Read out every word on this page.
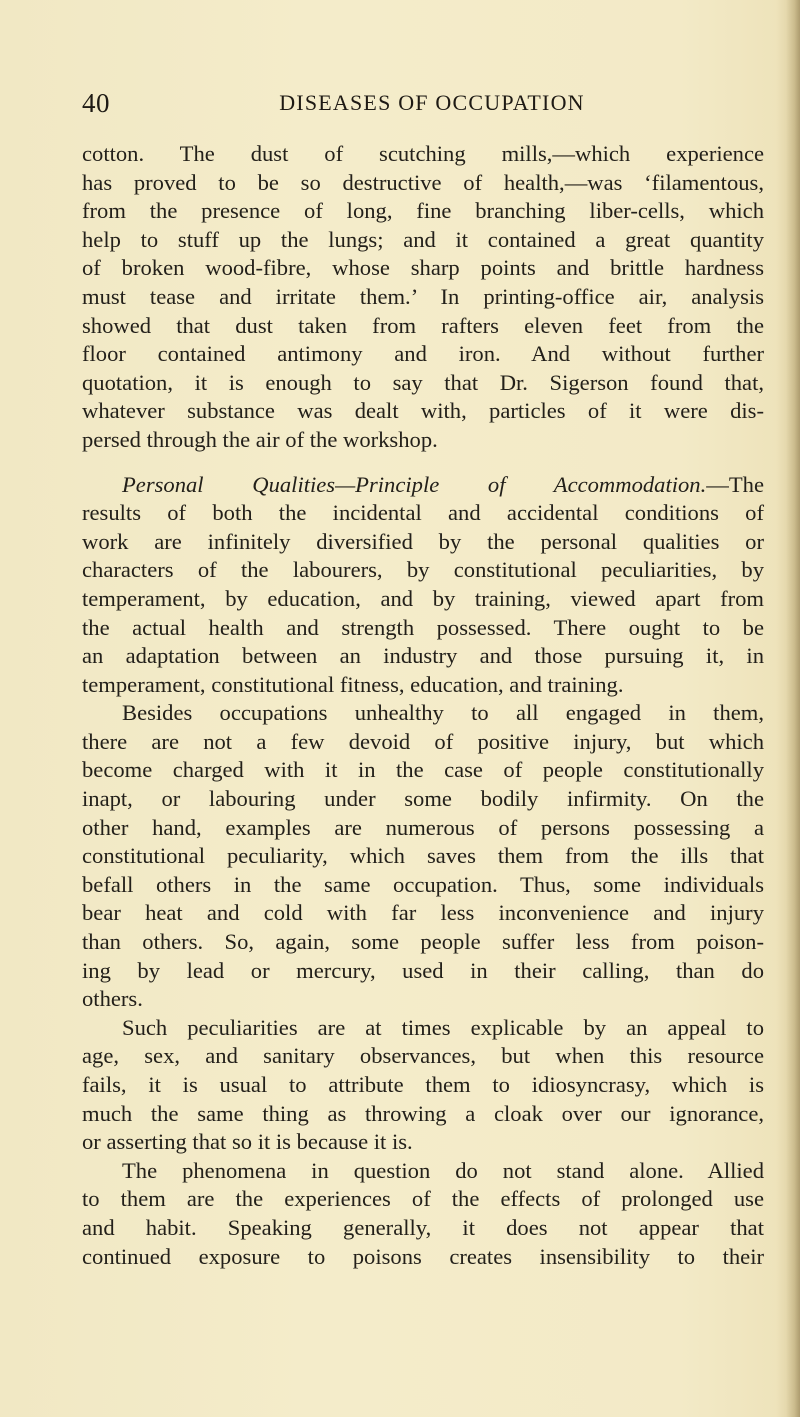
40	DISEASES OF OCCUPATION
cotton. The dust of scutching mills,—which experience
has proved to be so destructive of health,—was ‘filamentous,
from the presence of long, fine branching liber-cells, which
help to stuff up the lungs; and it contained a great quantity
of broken wood-fibre, whose sharp points and brittle hardness
must tease and irritate them.’ In printing-office air, analysis
showed that dust taken from rafters eleven feet from the
floor contained antimony and iron. And without further
quotation, it is enough to say that Dr. Sigerson found that,
whatever substance was dealt with, particles of it were dis-
persed through the air of the workshop.
Personal Qualities—Principle of Accommodation.—The
results of both the incidental and accidental conditions of
work are infinitely diversified by the personal qualities or
characters of the labourers, by constitutional peculiarities, by
temperament, by education, and by training, viewed apart from
the actual health and strength possessed. There ought to be
an adaptation between an industry and those pursuing it, in
temperament, constitutional fitness, education, and training.
Besides occupations unhealthy to all engaged in them,
there are not a few devoid of positive injury, but which
become charged with it in the case of people constitutionally
inapt, or labouring under some bodily infirmity. On the
other hand, examples are numerous of persons possessing a
constitutional peculiarity, which saves them from the ills that
befall others in the same occupation. Thus, some individuals
bear heat and cold with far less inconvenience and injury
than others. So, again, some people suffer less from poison-
ing by lead or mercury, used in their calling, than do
others.
Such peculiarities are at times explicable by an appeal to
age, sex, and sanitary observances, but when this resource
fails, it is usual to attribute them to idiosyncrasy, which is
much the same thing as throwing a cloak over our ignorance,
or asserting that so it is because it is.
The phenomena in question do not stand alone. Allied
to them are the experiences of the effects of prolonged use
and habit. Speaking generally, it does not appear that
continued exposure to poisons creates insensibility to their
